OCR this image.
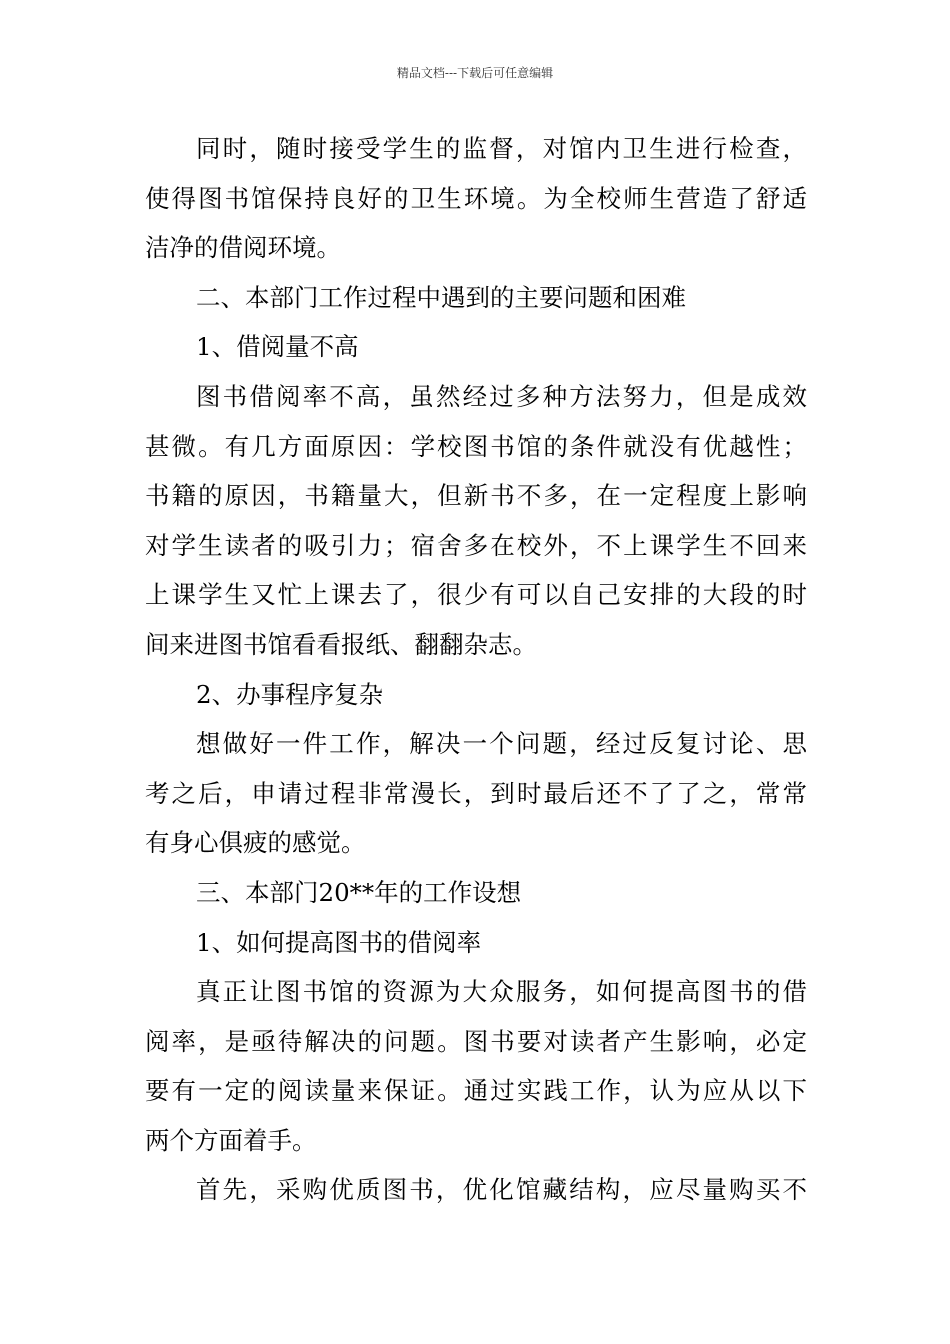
精品文档---下载后可任意编辑
同时，随时接受学生的监督，对馆内卫生进行检查，
使得图书馆保持良好的卫生环境。为全校师生营造了舒适
洁净的借阅环境。
二、本部门工作过程中遇到的主要问题和困难
1、借阅量不高
图书借阅率不高，虽然经过多种方法努力，但是成效
甚微。有几方面原因：学校图书馆的条件就没有优越性；
书籍的原因，书籍量大，但新书不多，在一定程度上影响
对学生读者的吸引力；宿舍多在校外，不上课学生不回来
上课学生又忙上课去了，很少有可以自己安排的大段的时
间来进图书馆看看报纸、翻翻杂志。
2、办事程序复杂
想做好一件工作，解决一个问题，经过反复讨论、思
考之后，申请过程非常漫长，到时最后还不了了之，常常
有身心俱疲的感觉。
三、本部门20**年的工作设想
1、如何提高图书的借阅率
真正让图书馆的资源为大众服务，如何提高图书的借
阅率，是亟待解决的问题。图书要对读者产生影响，必定
要有一定的阅读量来保证。通过实践工作，认为应从以下
两个方面着手。
首先，采购优质图书，优化馆藏结构，应尽量购买不
